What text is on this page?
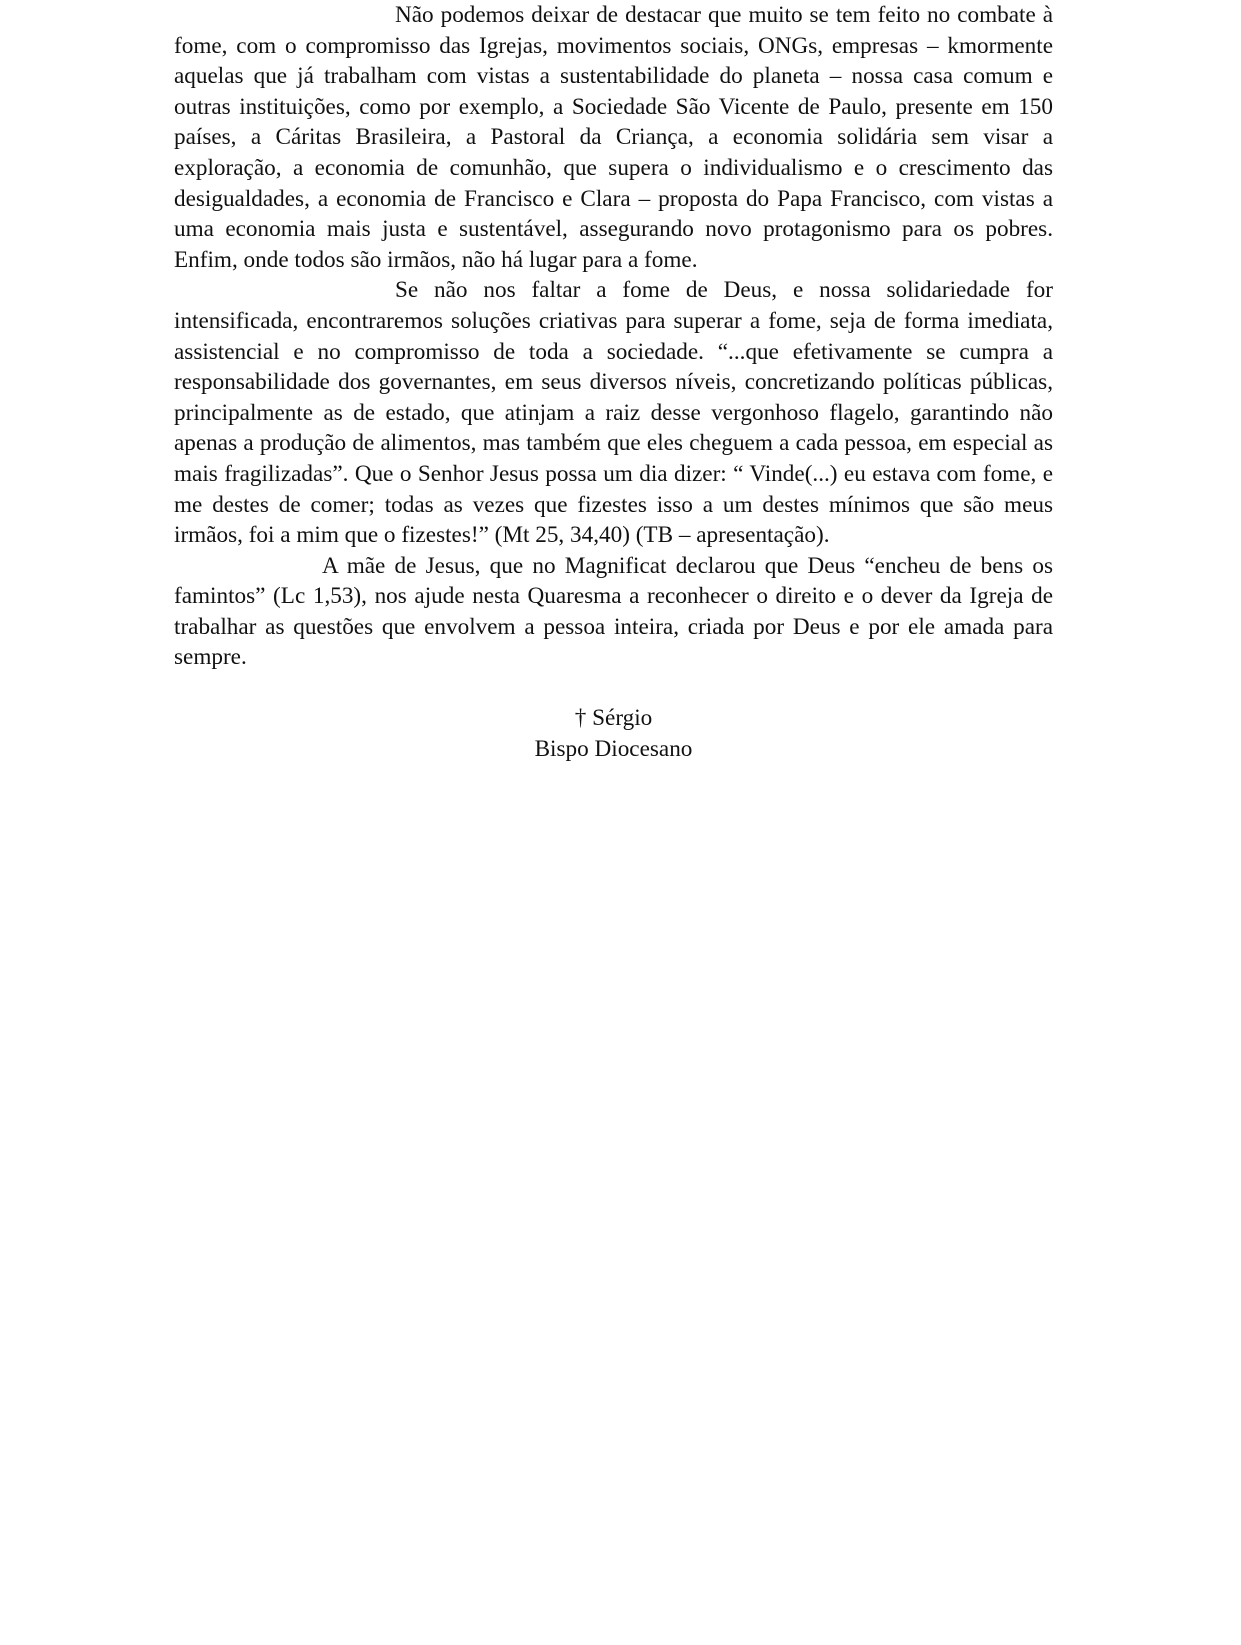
Não podemos deixar de destacar que muito se tem feito no combate à fome, com o compromisso das Igrejas, movimentos sociais, ONGs, empresas – kmormente aquelas que já trabalham com vistas a sustentabilidade do planeta – nossa casa comum e outras instituições, como por exemplo, a Sociedade São Vicente de Paulo, presente em 150 países, a Cáritas Brasileira, a Pastoral da Criança, a economia solidária sem visar a exploração, a economia de comunhão, que supera o individualismo e o crescimento das desigualdades, a economia de Francisco e Clara – proposta do Papa Francisco, com vistas a uma economia mais justa e sustentável, assegurando novo protagonismo para os pobres. Enfim, onde todos são irmãos, não há lugar para a fome.

Se não nos faltar a fome de Deus, e nossa solidariedade for intensificada, encontraremos soluções criativas para superar a fome, seja de forma imediata, assistencial e no compromisso de toda a sociedade. “...que efetivamente se cumpra a responsabilidade dos governantes, em seus diversos níveis, concretizando políticas públicas, principalmente as de estado, que atinjam a raiz desse vergonhoso flagelo, garantindo não apenas a produção de alimentos, mas também que eles cheguem a cada pessoa, em especial as mais fragilizadas”. Que o Senhor Jesus possa um dia dizer: “ Vinde(...) eu estava com fome, e me destes de comer; todas as vezes que fizestes isso a um destes mínimos que são meus irmãos, foi a mim que o fizestes!” (Mt 25, 34,40) (TB – apresentação).

A mãe de Jesus, que no Magnificat declarou que Deus “encheu de bens os famintos” (Lc 1,53), nos ajude nesta Quaresma a reconhecer o direito e o dever da Igreja de trabalhar as questões que envolvem a pessoa inteira, criada por Deus e por ele amada para sempre.

† Sérgio
Bispo Diocesano
